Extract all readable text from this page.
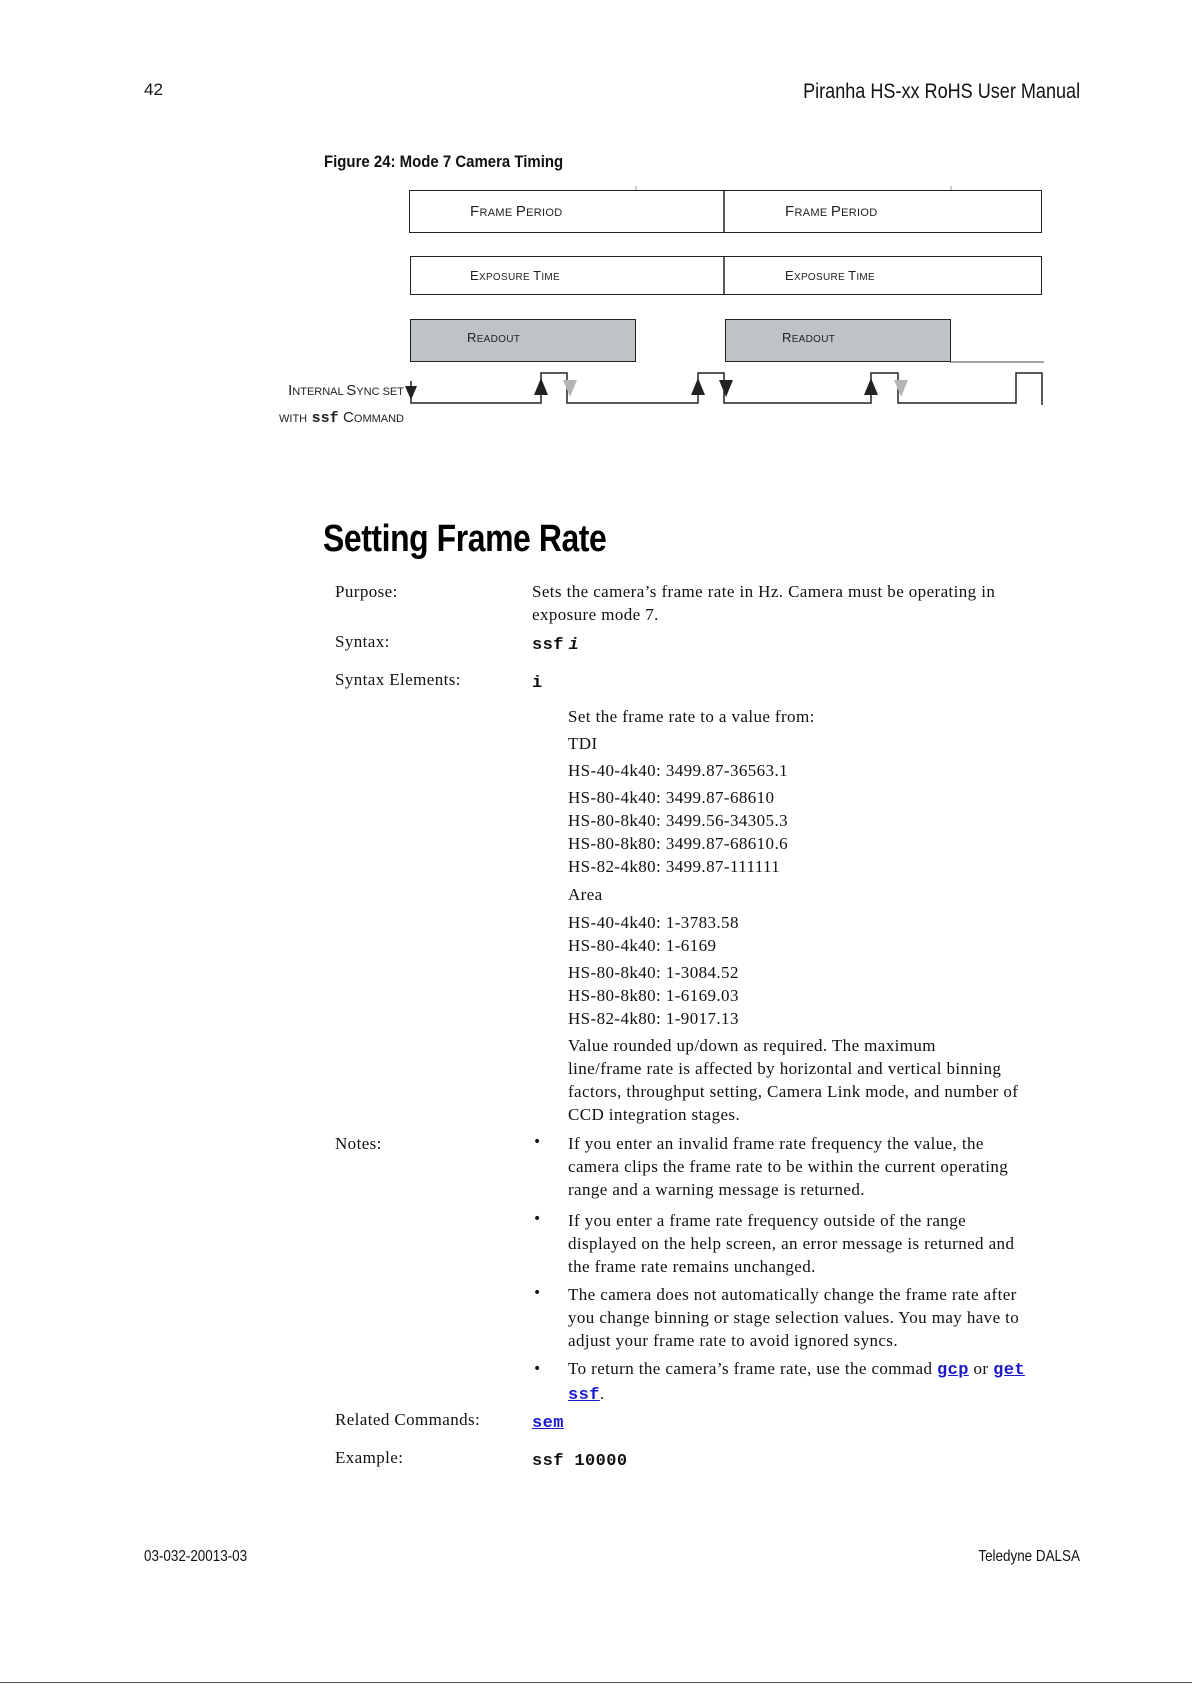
42	Piranha HS-xx RoHS User Manual
Figure 24: Mode 7 Camera Timing
FRAME PERIOD	FRAME PERIOD
EXPOSURE TIME	EXPOSURE TIME
READOUT	READOUT
INTERNAL SYNC SET
WITH ssf COMMAND
Setting Frame Rate
Purpose:	Sets the camera’s frame rate in Hz. Camera must be operating in
exposure mode 7.
Syntax:	ssf i
Syntax Elements:	i
Set the frame rate to a value from:
TDI
HS-40-4k40: 3499.87-36563.1
HS-80-4k40: 3499.87-68610
HS-80-8k40: 3499.56-34305.3
HS-80-8k80: 3499.87-68610.6
HS-82-4k80: 3499.87-111111
Area
HS-40-4k40: 1-3783.58
HS-80-4k40: 1-6169
HS-80-8k40: 1-3084.52
HS-80-8k80: 1-6169.03
HS-82-4k80: 1-9017.13
Value rounded up/down as required. The maximum
line/frame rate is affected by horizontal and vertical binning
factors, throughput setting, Camera Link mode, and number of
CCD integration stages.
Notes:	• If you enter an invalid frame rate frequency the value, the
camera clips the frame rate to be within the current operating
range and a warning message is returned.
• If you enter a frame rate frequency outside of the range
displayed on the help screen, an error message is returned and
the frame rate remains unchanged.
• The camera does not automatically change the frame rate after
you change binning or stage selection values. You may have to
adjust your frame rate to avoid ignored syncs.
• To return the camera’s frame rate, use the commad gcp or get
ssf.
Related Commands:	sem
Example:	ssf 10000
03-032-20013-03	Teledyne DALSA
